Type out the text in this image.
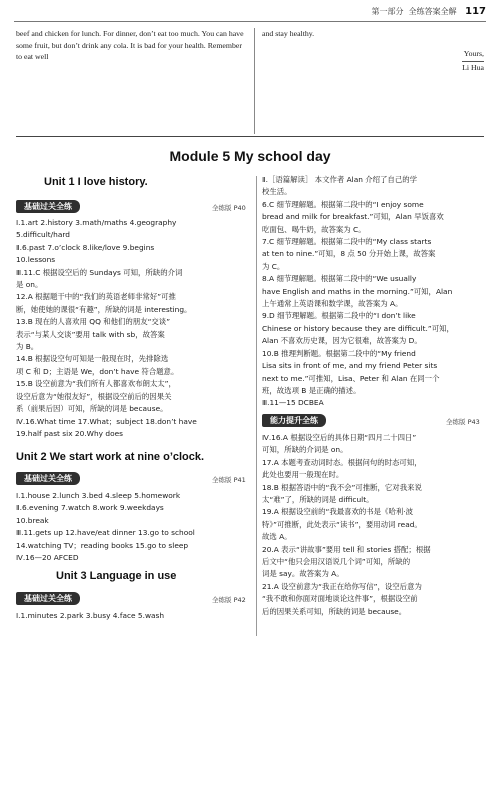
第一部分 全练答案全解 117

beef and chicken for lunch. For dinner, don’t eat too much. You can have some fruit, but don’t drink any cola. It is bad for your health. Remember to eat well

and stay healthy.

Yours,
Li Hua
Module 5 My school day
Unit 1 I love history.
基础过关全练	全练版 P40

Ⅰ.1.art 2.history 3.math/maths 4.geography

5.difficult/hard

Ⅱ.6.past 7.o’clock 8.like/love 9.begins

10.lessons

Ⅲ.11.C 根据设空后的 Sundays 可知，所缺的介词

是 on。

12.A 根据题干中的“我们的英语老师非常好”可推

断，她使她的课很“有趣”，所缺的词是 interesting。

13.B 现在的人喜欢用 QQ 和他们的朋友“交谈”

表示“与某人交谈”要用 talk with sb，故答案

为 B。

14.B 根据设空句可知是一般现在时，先排除选

项 C 和 D；主语是 We，don’t have 符合题意。

15.B 设空前意为“我们所有人都喜欢布朗太太”，

设空后意为“她很友好”，根据设空前后的因果关

系（前果后因）可知，所缺的词是 because。

Ⅳ.16.What time 17.What；subject 18.don’t have

19.half past six 20.Why does

Unit 2 We start work at nine o’clock.
基础过关全练	全练版 P41

Ⅰ.1.house 2.lunch 3.bed 4.sleep 5.homework

Ⅱ.6.evening 7.watch 8.work 9.weekdays

10.break

Ⅲ.11.gets up 12.have/eat dinner 13.go to school

14.watching TV；reading books 15.go to sleep

Ⅳ.16—20 AFCED

Unit 3 Language in use
基础过关全练	全练版 P42

Ⅰ.1.minutes 2.park 3.busy 4.face 5.wash

Ⅱ.［语篇解读］ 本文作者 Alan 介绍了自己的学

校生活。

6.C 细节理解题。根据第二段中的“I enjoy some

bread and milk for breakfast.”可知，Alan 早饭喜欢

吃面包、喝牛奶，故答案为 C。

7.C 细节理解题。根据第二段中的“My class starts

at ten to nine.”可知，8 点 50 分开始上课，故答案

为 C。

8.A 细节理解题。根据第二段中的“We usually

have English and maths in the morning.”可知，Alan

上午通常上英语课和数学课，故答案为 A。

9.D 细节理解题。根据第二段中的“I don’t like

Chinese or history because they are difficult.”可知，

Alan 不喜欢历史课，因为它很难，故答案为 D。

10.B 推理判断题。根据第二段中的“My friend

Lisa sits in front of me, and my friend Peter sits

next to me.”可推知，Lisa、Peter 和 Alan 在同一个

班，故选项 B 是正确的描述。

Ⅲ.11—15 DCBEA

能力提升全练	全练版 P43

Ⅳ.16.A 根据设空后的具体日期“四月二十四日”

可知，所缺的介词是 on。

17.A 本题考查动词时态。根据问句的时态可知，

此处也要用一般现在时。

18.B 根据答语中的“我不会”可推断，它对我来说

太“难”了，所缺的词是 difficult。

19.A 根据设空前的“我最喜欢的书是《哈利·波

特》”可推断，此处表示“读书”，要用动词 read。

故选 A。

20.A 表示“讲故事”要用 tell 和 stories 搭配；根据

后文中“他只会用汉语说几个词”可知，所缺的

词是 say。故答案为 A。

21.A 设空前意为“我正在给你写信”，设空后意为

“我不敢和你面对面地谈论这件事”，根据设空前

后的因果关系可知，所缺的词是 because。
